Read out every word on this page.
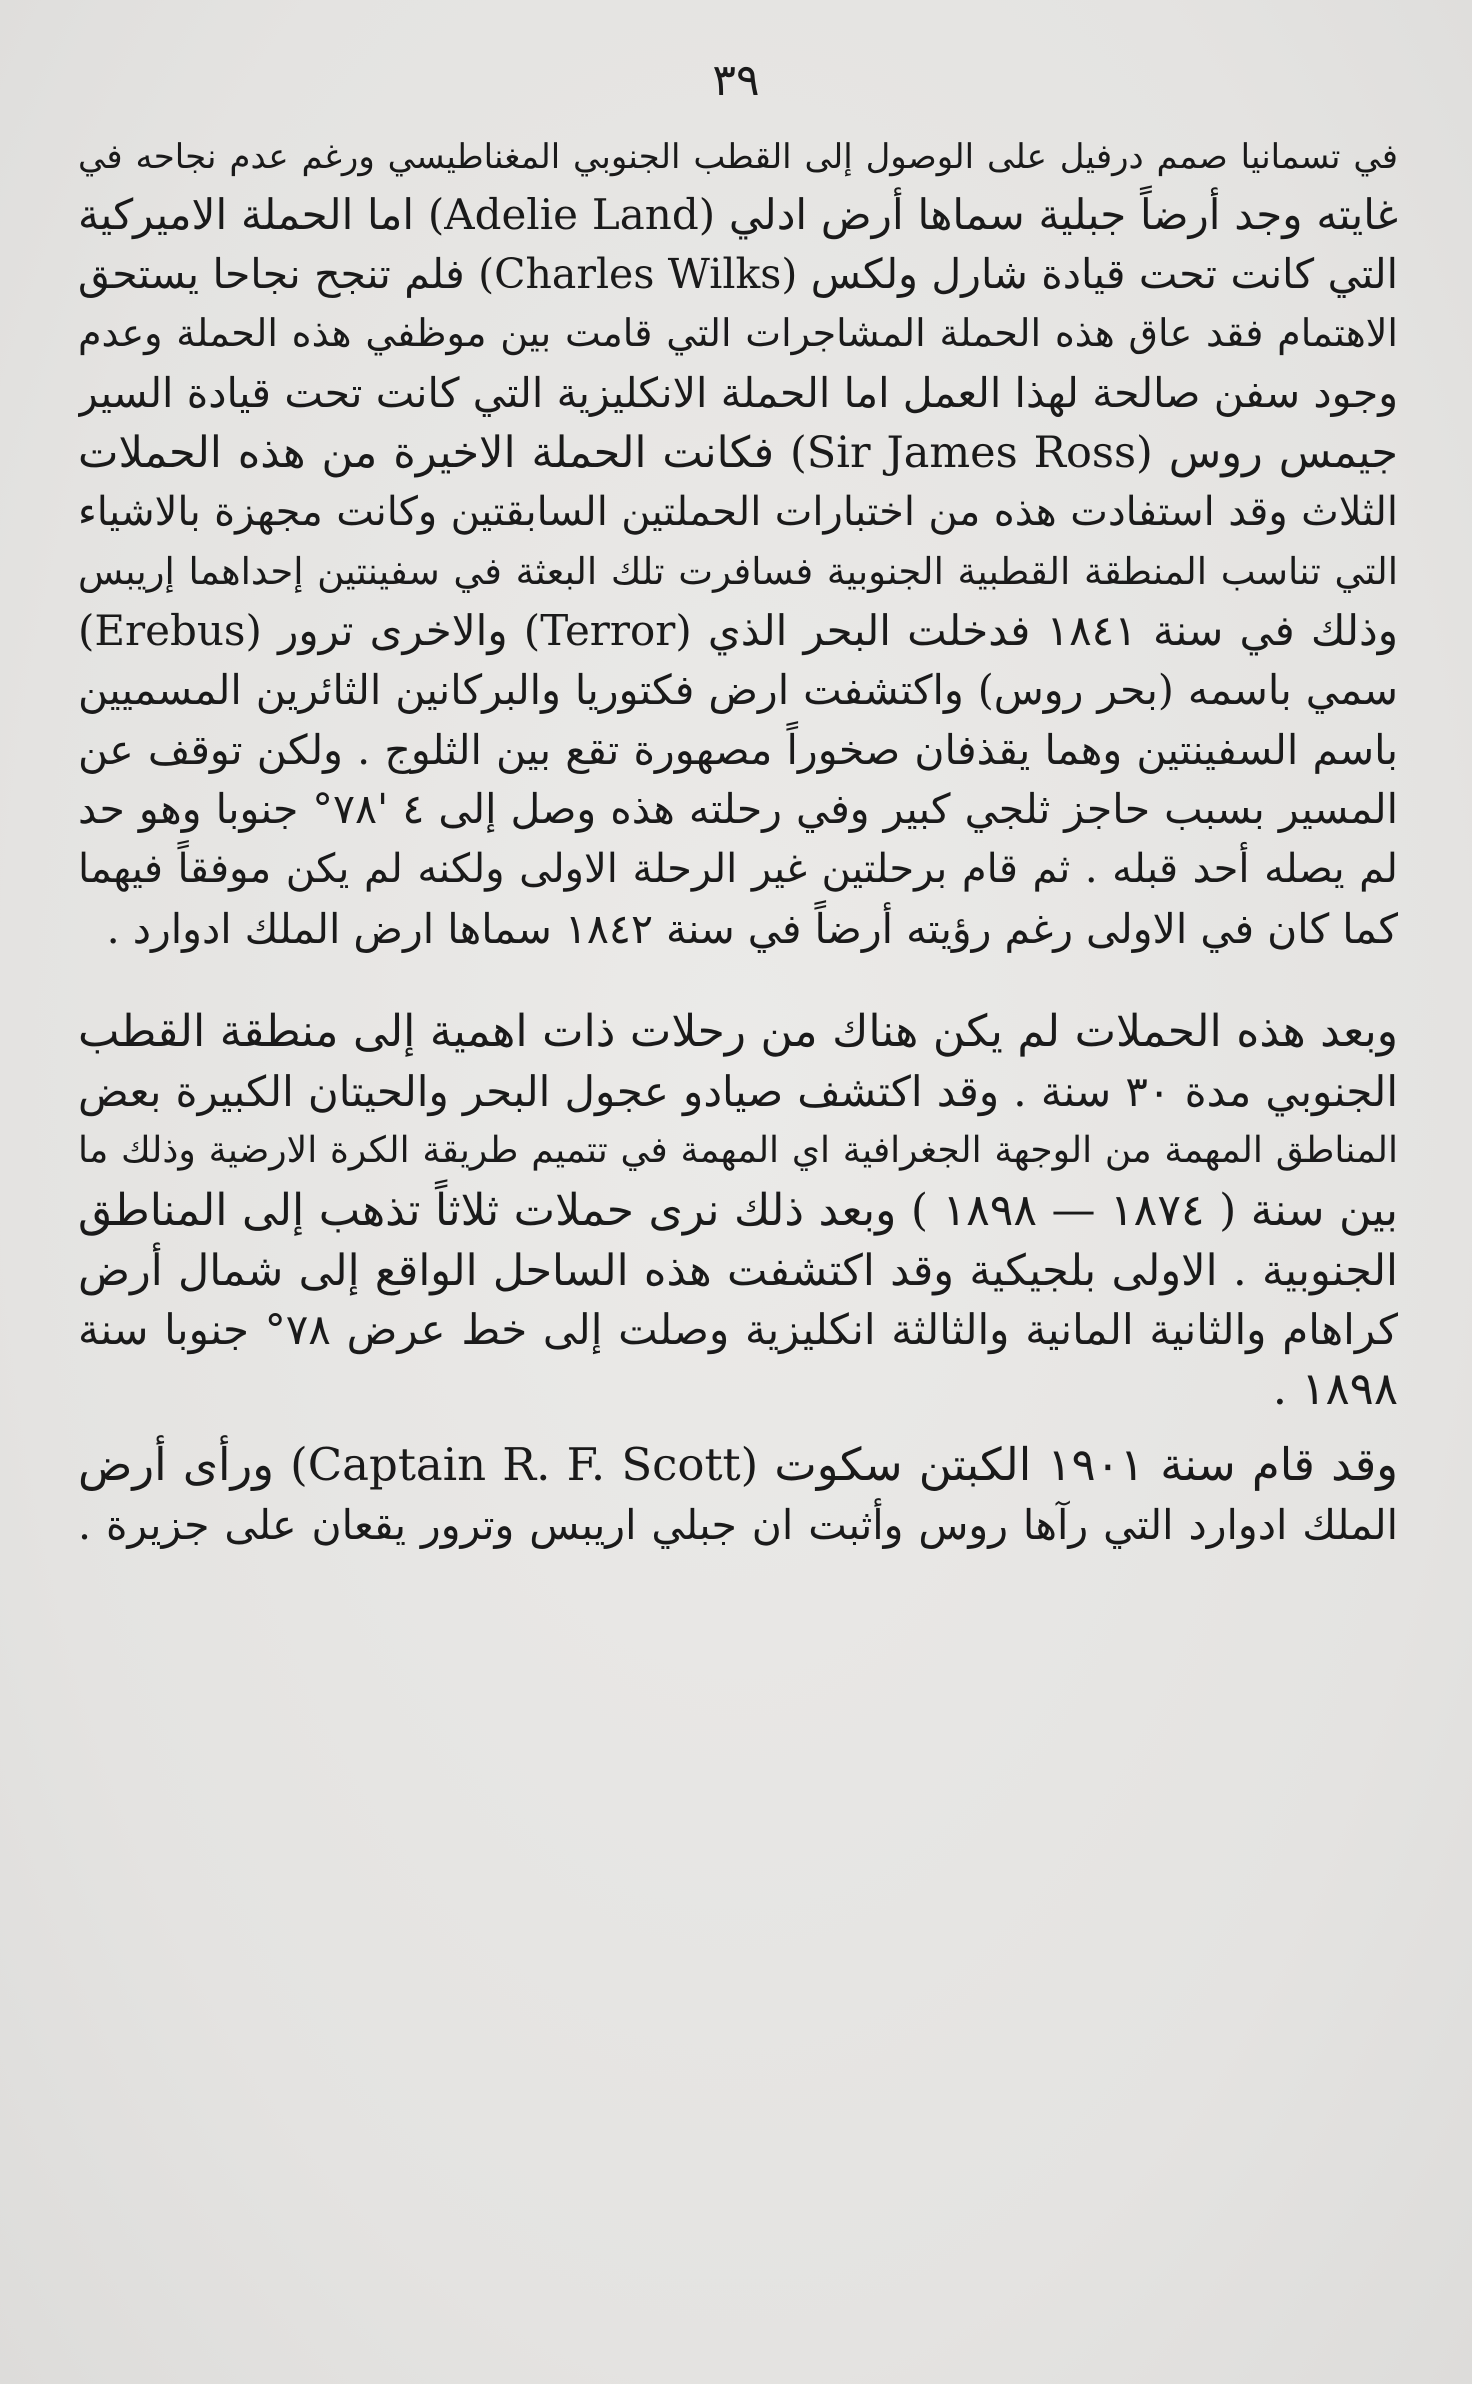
٣٩
في تسمانيا صمم درفيل على الوصول إلى القطب الجنوبي المغناطيسي ورغم عدم نجاحه في
غايته وجد أرضاً جبلية سماها أرض ادلي (Adelie Land) اما الحملة الاميركية
التي كانت تحت قيادة شارل ولكس (Charles Wilks) فلم تنجح نجاحا يستحق
الاهتمام فقد عاق هذه الحملة المشاجرات التي قامت بين موظفي هذه الحملة وعدم
وجود سفن صالحة لهذا العمل اما الحملة الانكليزية التي كانت تحت قيادة السير
جيمس روس (Sir James Ross) فكانت الحملة الاخيرة من هذه الحملات
الثلاث وقد استفادت هذه من اختبارات الحملتين السابقتين وكانت مجهزة بالاشياء
التي تناسب المنطقة القطبية الجنوبية فسافرت تلك البعثة في سفينتين إحداهما إريبس
(Erebus) والاخرى ترور (Terror) وذلك في سنة ١٨٤١ فدخلت البحر الذي
سمي باسمه (بحر روس) واكتشفت ارض فكتوريا والبركانين الثائرين المسميين
باسم السفينتين وهما يقذفان صخوراً مصهورة تقع بين الثلوج . ولكن توقف عن
المسير بسبب حاجز ثلجي كبير وفي رحلته هذه وصل إلى ٤ '٧٨° جنوبا وهو حد
لم يصله أحد قبله . ثم قام برحلتين غير الرحلة الاولى ولكنه لم يكن موفقاً فيهما
كما كان في الاولى رغم رؤيته أرضاً في سنة ١٨٤٢ سماها ارض الملك ادوارد .
وبعد هذه الحملات لم يكن هناك من رحلات ذات اهمية إلى منطقة القطب
الجنوبي مدة ٣٠ سنة . وقد اكتشف صيادو عجول البحر والحيتان الكبيرة بعض
المناطق المهمة من الوجهة الجغرافية اي المهمة في تتميم طريقة الكرة الارضية وذلك ما
بين سنة ( ١٨٧٤ — ١٨٩٨ ) وبعد ذلك نرى حملات ثلاثاً تذهب إلى المناطق
الجنوبية . الاولى بلجيكية وقد اكتشفت هذه الساحل الواقع إلى شمال أرض
كراهام والثانية المانية والثالثة انكليزية وصلت إلى خط عرض ٧٨° جنوبا سنة
. ١٨٩٨
وقد قام سنة ١٩٠١ الكبتن سكوت (Captain R. F. Scott) ورأى أرض
الملك ادوارد التي رآها روس وأثبت ان جبلي اريبس وترور يقعان على جزيرة .
